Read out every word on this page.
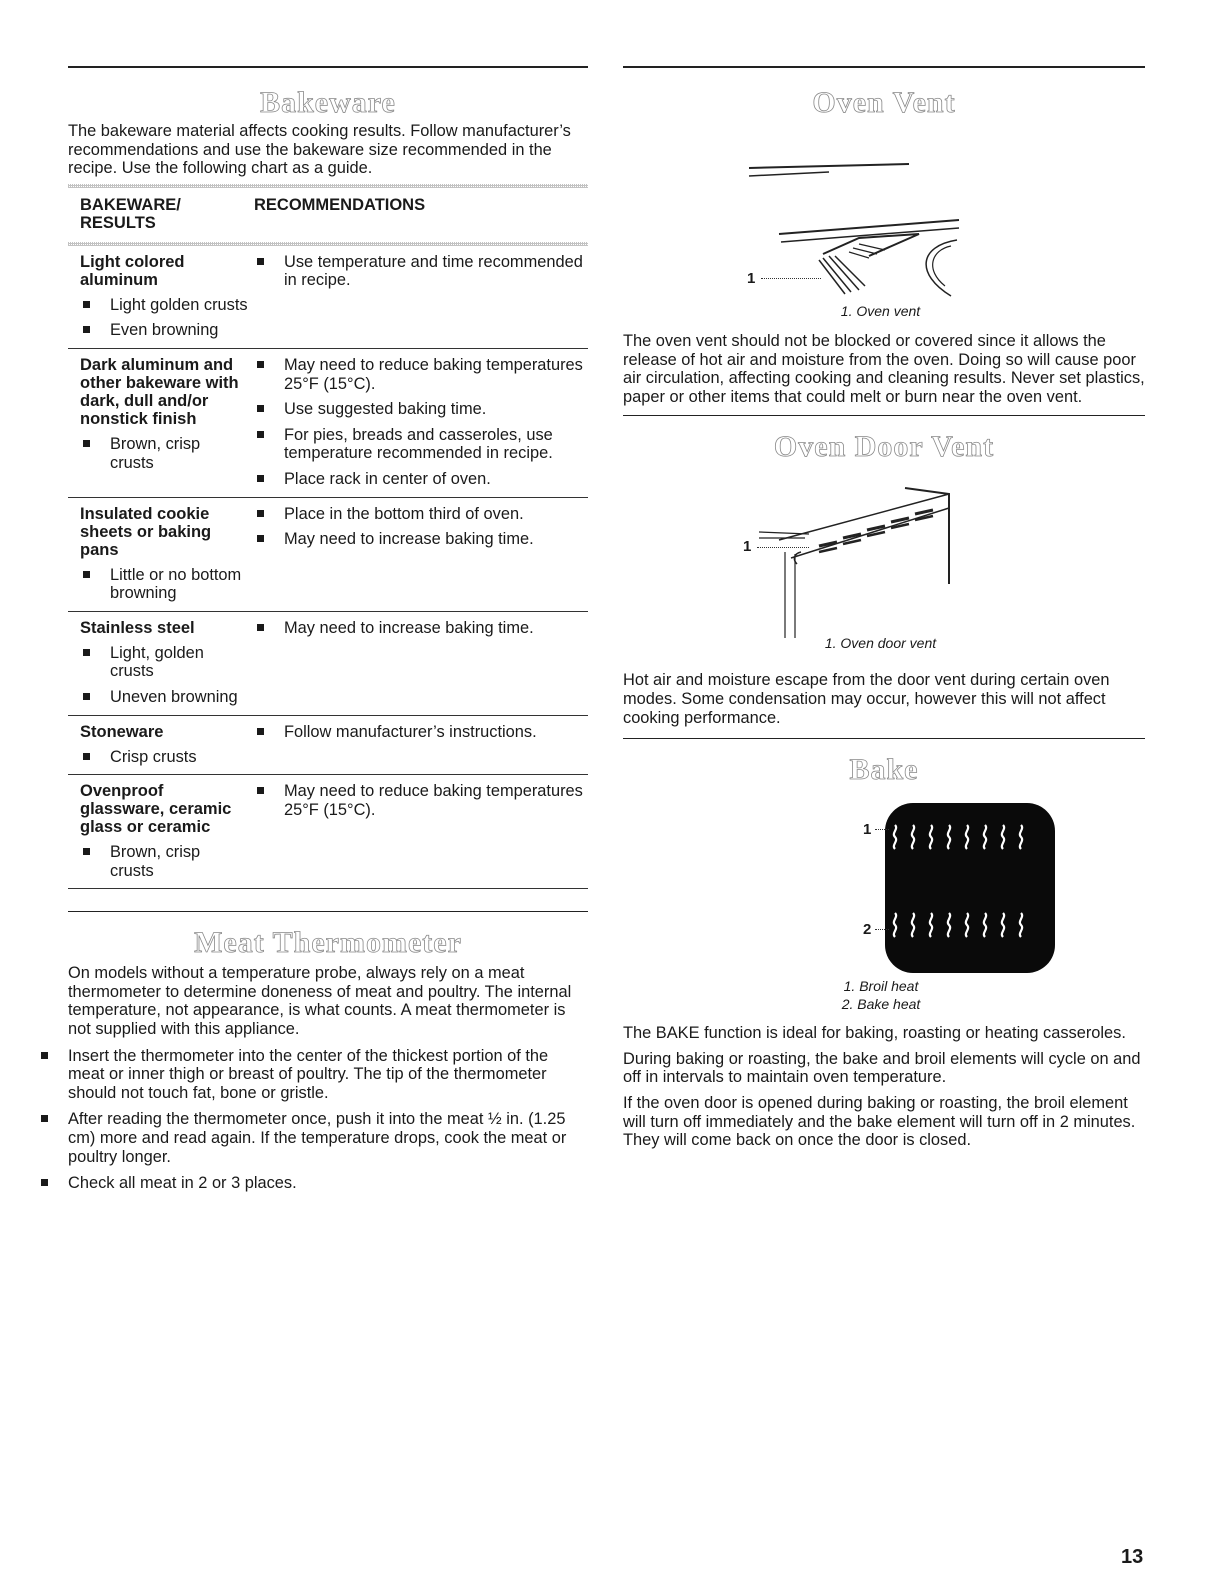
Bakeware

The bakeware material affects cooking results. Follow manufacturer’s recommendations and use the bakeware size recommended in the recipe. Use the following chart as a guide.

BAKEWARE/ RESULTS
RECOMMENDATIONS
Light colored aluminum
Light golden crusts
Even browning
Use temperature and time recommended in recipe.
Dark aluminum and other bakeware with dark, dull and/or nonstick finish
Brown, crisp crusts
May need to reduce baking temperatures 25°F (15°C).
Use suggested baking time.
For pies, breads and casseroles, use temperature recommended in recipe.
Place rack in center of oven.
Insulated cookie sheets or baking pans
Little or no bottom browning
Place in the bottom third of oven.
May need to increase baking time.
Stainless steel
Light, golden crusts
Uneven browning
May need to increase baking time.
Stoneware
Crisp crusts
Follow manufacturer’s instructions.
Ovenproof glassware, ceramic glass or ceramic
Brown, crisp crusts
May need to reduce baking temperatures 25°F (15°C).
Meat Thermometer

On models without a temperature probe, always rely on a meat thermometer to determine doneness of meat and poultry. The internal temperature, not appearance, is what counts. A meat thermometer is not supplied with this appliance.

Insert the thermometer into the center of the thickest portion of the meat or inner thigh or breast of poultry. The tip of the thermometer should not touch fat, bone or gristle.
After reading the thermometer once, push it into the meat ½ in. (1.25 cm) more and read again. If the temperature drops, cook the meat or poultry longer.
Check all meat in 2 or 3 places.
Oven Vent
1
1. Oven vent

The oven vent should not be blocked or covered since it allows the release of hot air and moisture from the oven. Doing so will cause poor air circulation, affecting cooking and cleaning results. Never set plastics, paper or other items that could melt or burn near the oven vent.

Oven Door Vent
1
1. Oven door vent

Hot air and moisture escape from the door vent during certain oven modes. Some condensation may occur, however this will not affect cooking performance.

Bake
1
2
1. Broil heat
2. Bake heat

The BAKE function is ideal for baking, roasting or heating casseroles.

During baking or roasting, the bake and broil elements will cycle on and off in intervals to maintain oven temperature.

If the oven door is opened during baking or roasting, the broil element will turn off immediately and the bake element will turn off in 2 minutes. They will come back on once the door is closed.

13
